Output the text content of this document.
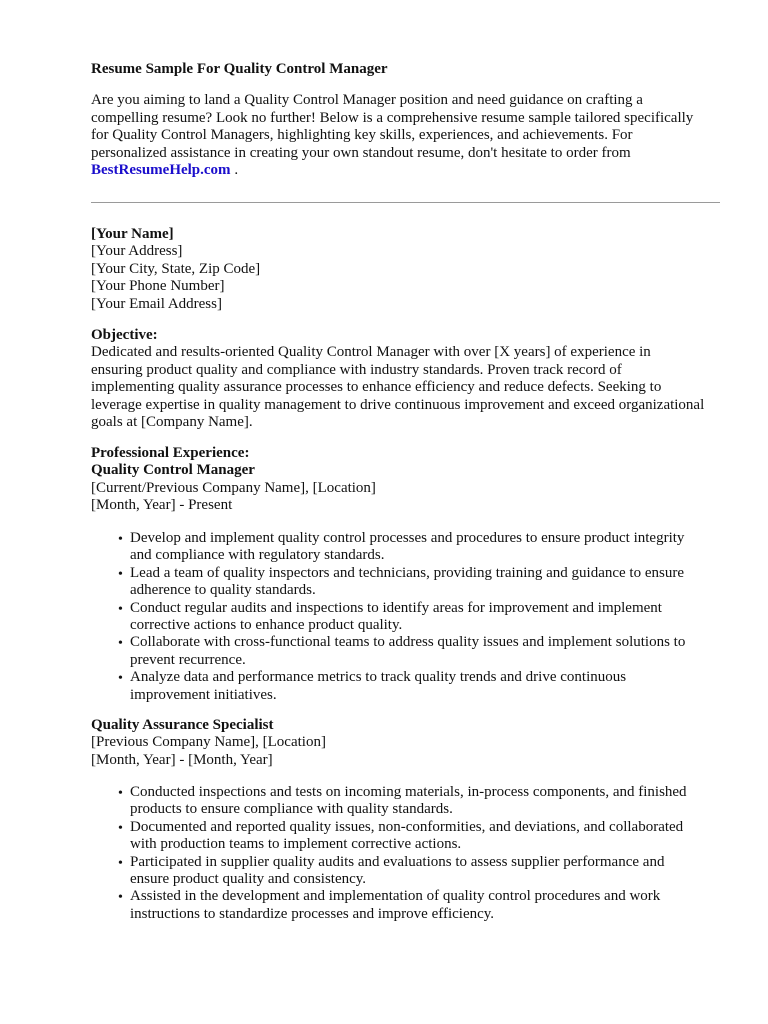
Resume Sample For Quality Control Manager
Are you aiming to land a Quality Control Manager position and need guidance on crafting a
compelling resume? Look no further! Below is a comprehensive resume sample tailored specifically
for Quality Control Managers, highlighting key skills, experiences, and achievements. For
personalized assistance in creating your own standout resume, don't hesitate to order from
BestResumeHelp.com .
[Your Name]
[Your Address]
[Your City, State, Zip Code]
[Your Phone Number]
[Your Email Address]
Objective:
Dedicated and results-oriented Quality Control Manager with over [X years] of experience in
ensuring product quality and compliance with industry standards. Proven track record of
implementing quality assurance processes to enhance efficiency and reduce defects. Seeking to
leverage expertise in quality management to drive continuous improvement and exceed organizational
goals at [Company Name].
Professional Experience:
Quality Control Manager
[Current/Previous Company Name], [Location]
[Month, Year] - Present
• Develop and implement quality control processes and procedures to ensure product integrity
and compliance with regulatory standards.
• Lead a team of quality inspectors and technicians, providing training and guidance to ensure
adherence to quality standards.
• Conduct regular audits and inspections to identify areas for improvement and implement
corrective actions to enhance product quality.
• Collaborate with cross-functional teams to address quality issues and implement solutions to
prevent recurrence.
• Analyze data and performance metrics to track quality trends and drive continuous
improvement initiatives.
Quality Assurance Specialist
[Previous Company Name], [Location]
[Month, Year] - [Month, Year]
• Conducted inspections and tests on incoming materials, in-process components, and finished
products to ensure compliance with quality standards.
• Documented and reported quality issues, non-conformities, and deviations, and collaborated
with production teams to implement corrective actions.
• Participated in supplier quality audits and evaluations to assess supplier performance and
ensure product quality and consistency.
• Assisted in the development and implementation of quality control procedures and work
instructions to standardize processes and improve efficiency.
